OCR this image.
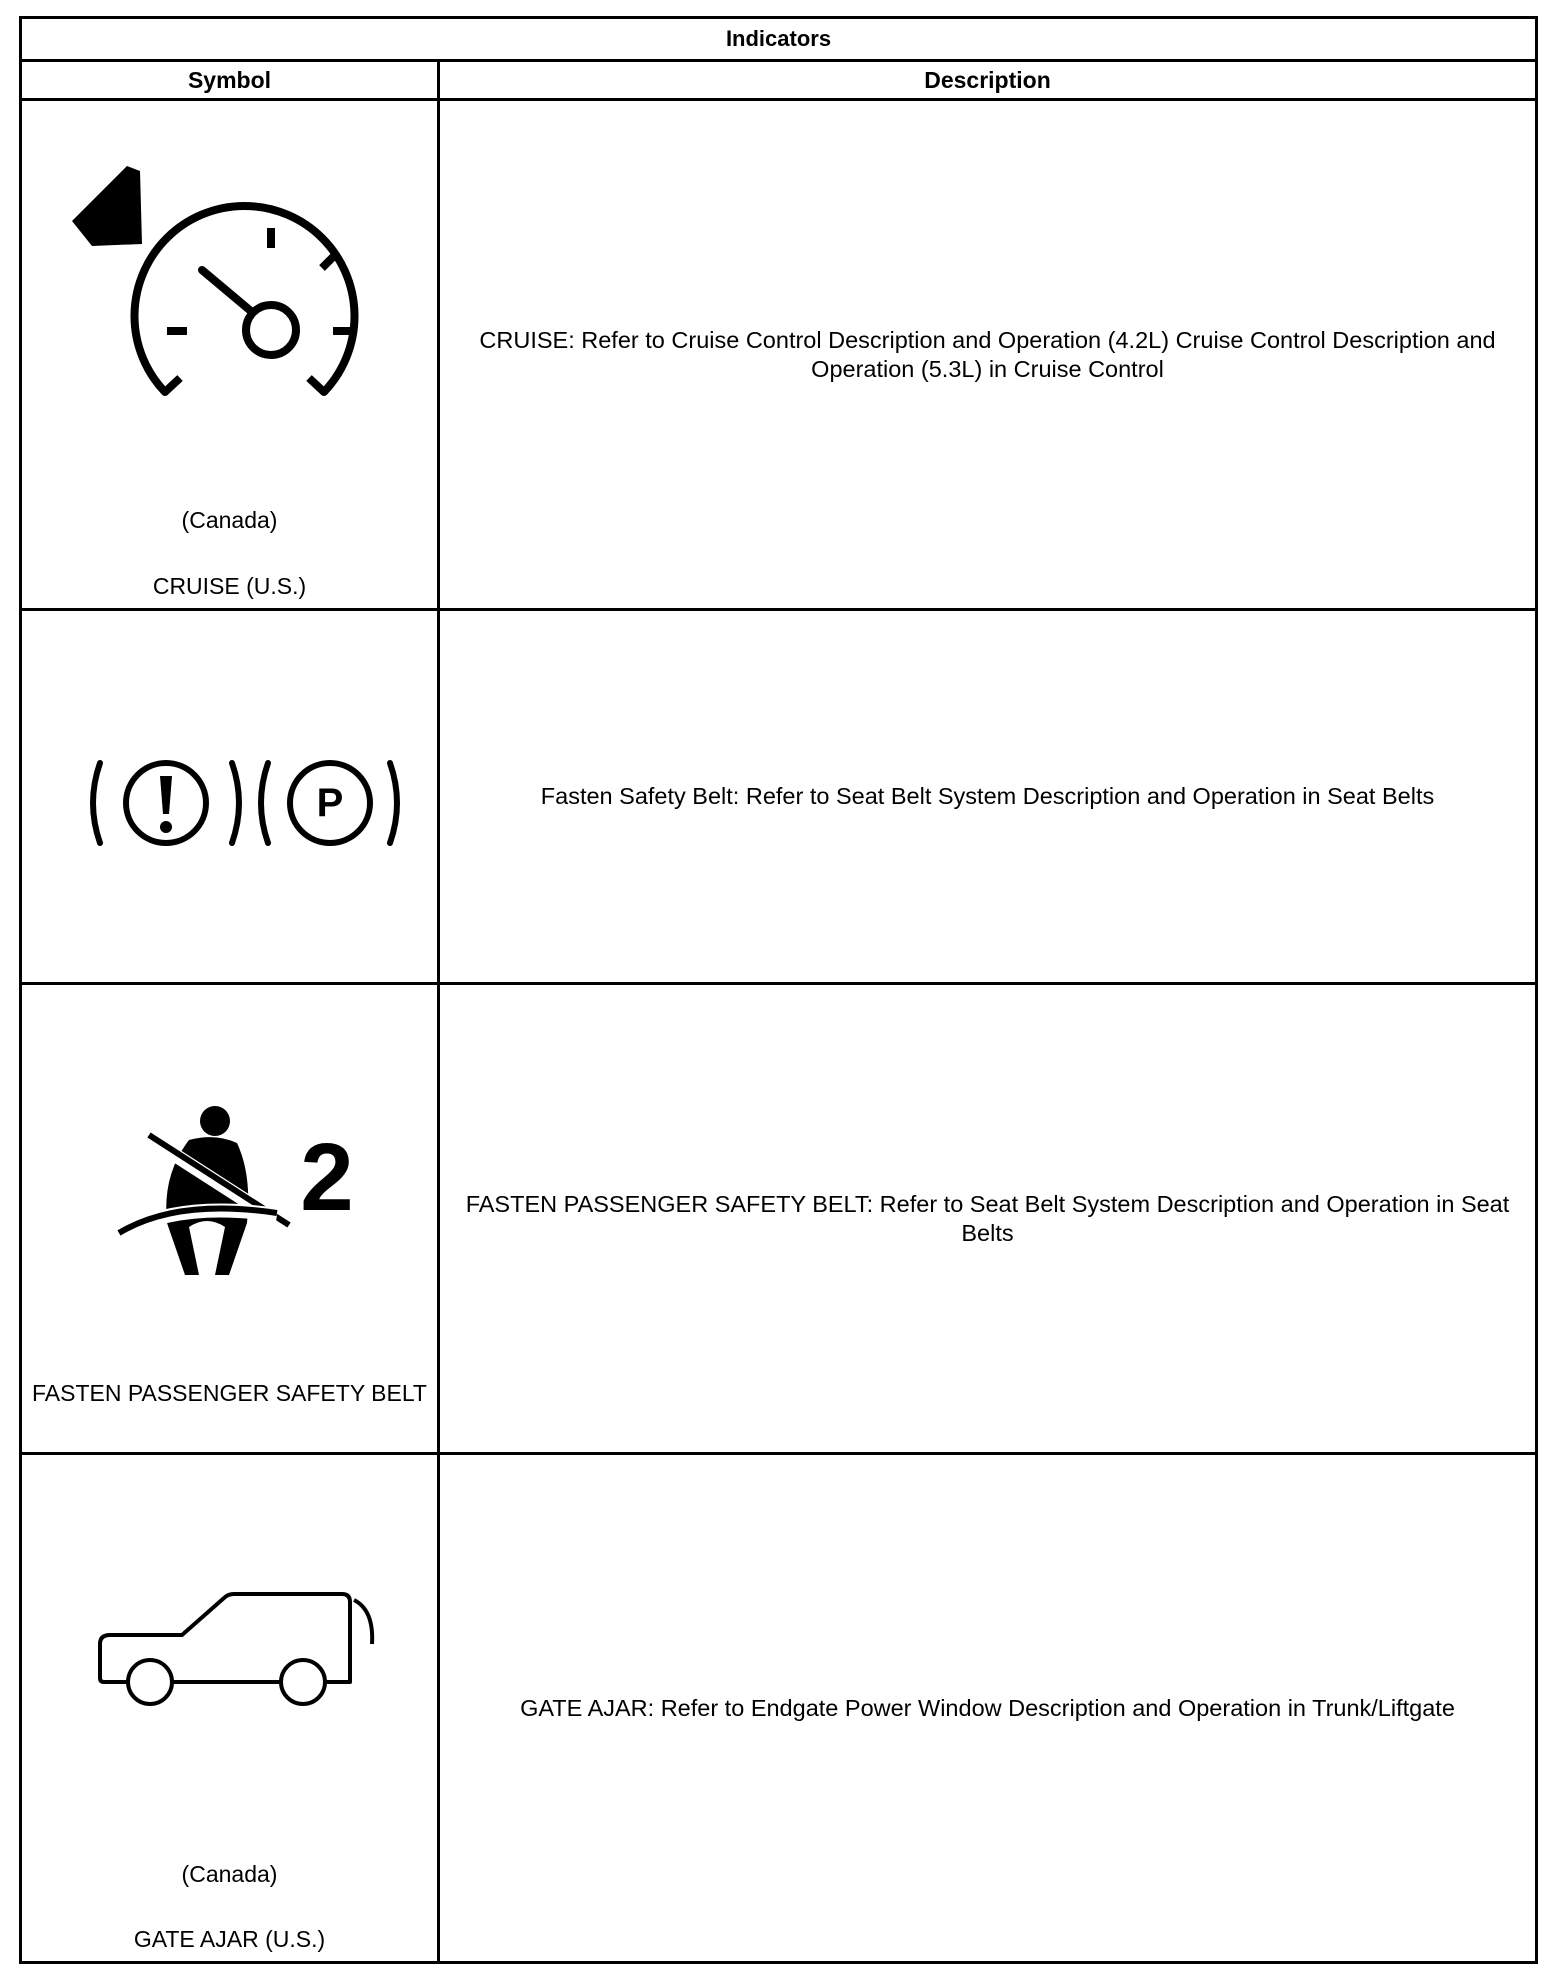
Indicators	
Symbol	Description

(Canada)
CRUISE (U.S.)	CRUISE: Refer to Cruise Control Description and Operation (4.2L) Cruise Control Description and Operation (5.3L) in Cruise Control

P	Fasten Safety Belt: Refer to Seat Belt System Description and Operation in Seat Belts

2
FASTEN PASSENGER SAFETY BELT	FASTEN PASSENGER SAFETY BELT: Refer to Seat Belt System Description and Operation in Seat Belts

(Canada)
GATE AJAR (U.S.)	GATE AJAR: Refer to Endgate Power Window Description and Operation in Trunk/Liftgate
